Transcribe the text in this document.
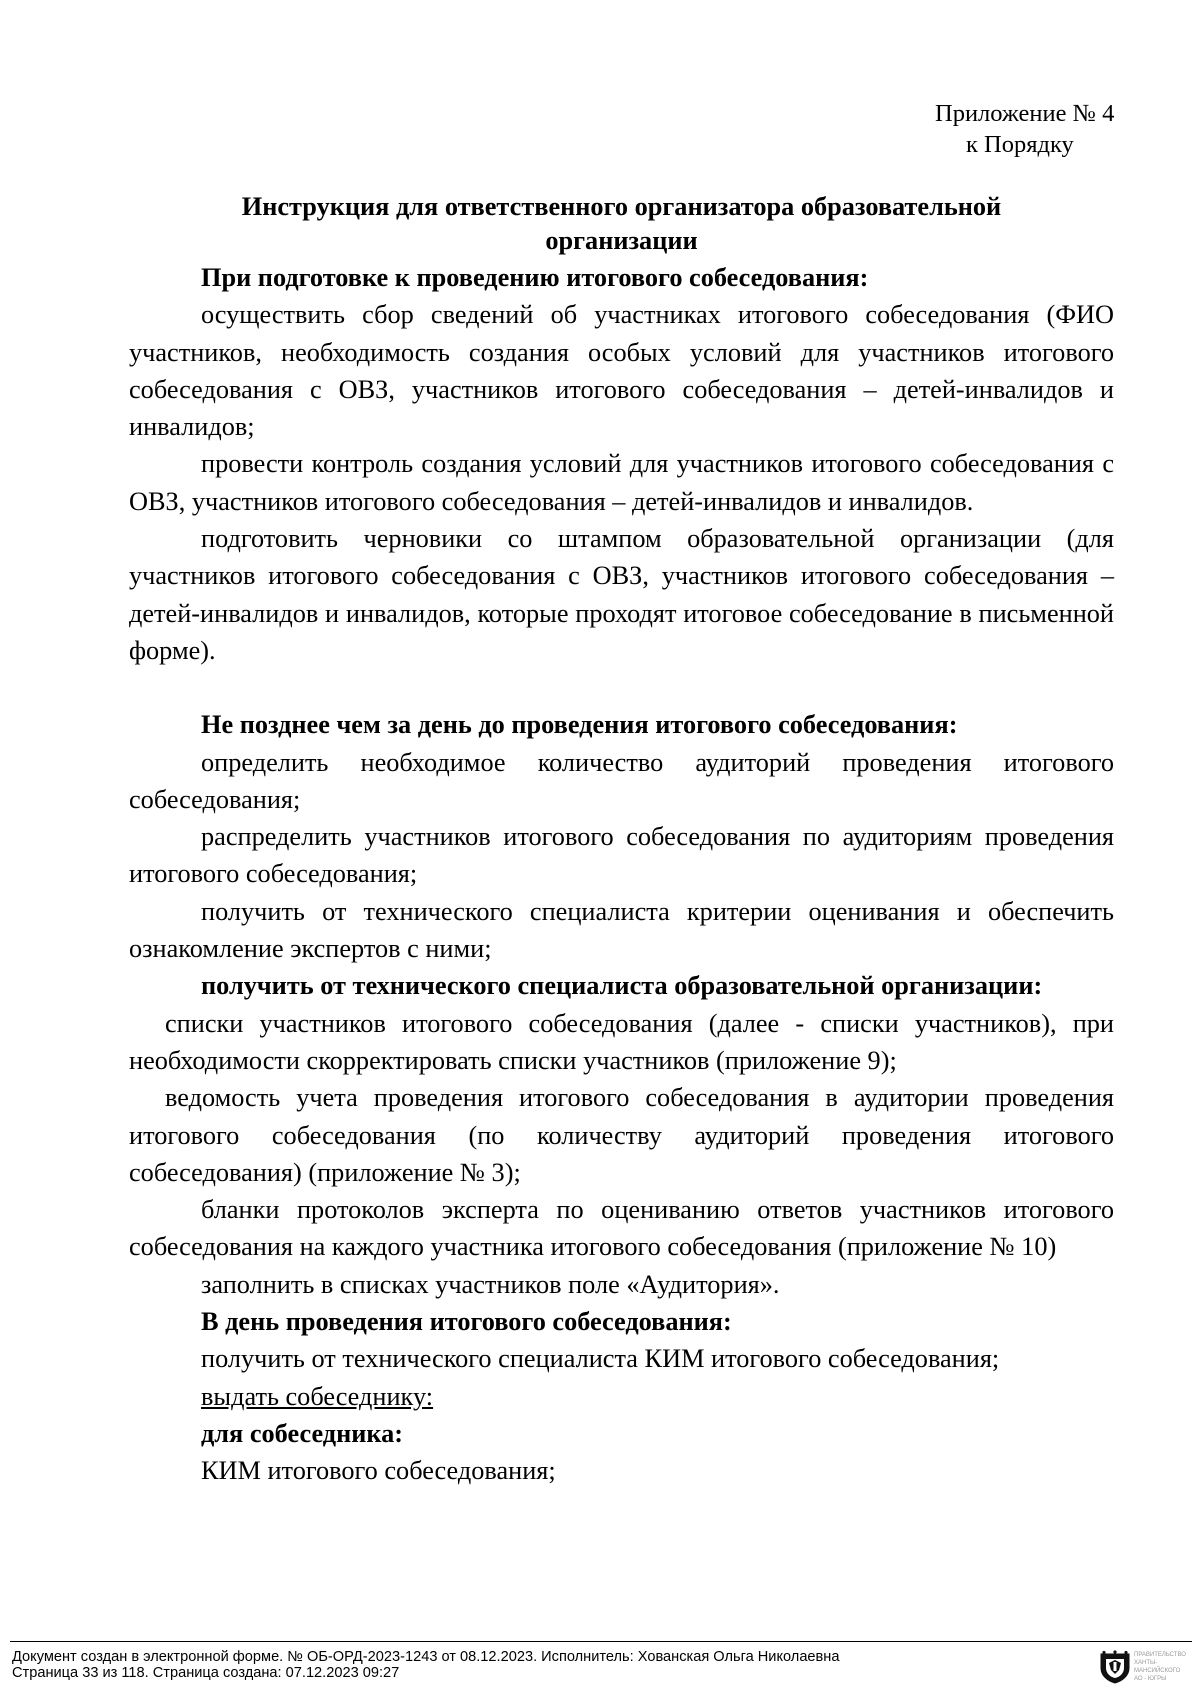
Приложение № 4
к Порядку
Инструкция для ответственного организатора образовательной
организации

При подготовке к проведению итогового собеседования:

осуществить сбор сведений об участниках итогового собеседования (ФИО участников, необходимость создания особых условий для участников итогового собеседования с ОВЗ, участников итогового собеседования – детей-инвалидов и инвалидов;

провести контроль создания условий для участников итогового собеседования с ОВЗ, участников итогового собеседования – детей-инвалидов и инвалидов.

подготовить черновики со штампом образовательной организации (для участников итогового собеседования с ОВЗ, участников итогового собеседования – детей-инвалидов и инвалидов, которые проходят итоговое собеседование в письменной форме).

Не позднее чем за день до проведения итогового собеседования:

определить необходимое количество аудиторий проведения итогового собеседования;

распределить участников итогового собеседования по аудиториям проведения итогового собеседования;

получить от технического специалиста критерии оценивания и обеспечить ознакомление экспертов с ними;

получить от технического специалиста образовательной организации:

списки участников итогового собеседования (далее - списки участников), при необходимости скорректировать списки участников (приложение 9);

ведомость учета проведения итогового собеседования в аудитории проведения итогового собеседования (по количеству аудиторий проведения итогового собеседования) (приложение № 3);

бланки протоколов эксперта по оцениванию ответов участников итогового собеседования на каждого участника итогового собеседования (приложение № 10)

заполнить в списках участников поле «Аудитория».

В день проведения итогового собеседования:

получить от технического специалиста КИМ итогового собеседования;

выдать собеседнику:

для собеседника:

КИМ итогового собеседования;

Документ создан в электронной форме. № ОБ-ОРД-2023-1243 от 08.12.2023. Исполнитель: Хованская Ольга Николаевна
Страница 33 из 118. Страница создана: 07.12.2023 09:27
ПРАВИТЕЛЬСТВО
ХАНТЫ-МАНСИЙСКОГО
АО - ЮГРЫ
